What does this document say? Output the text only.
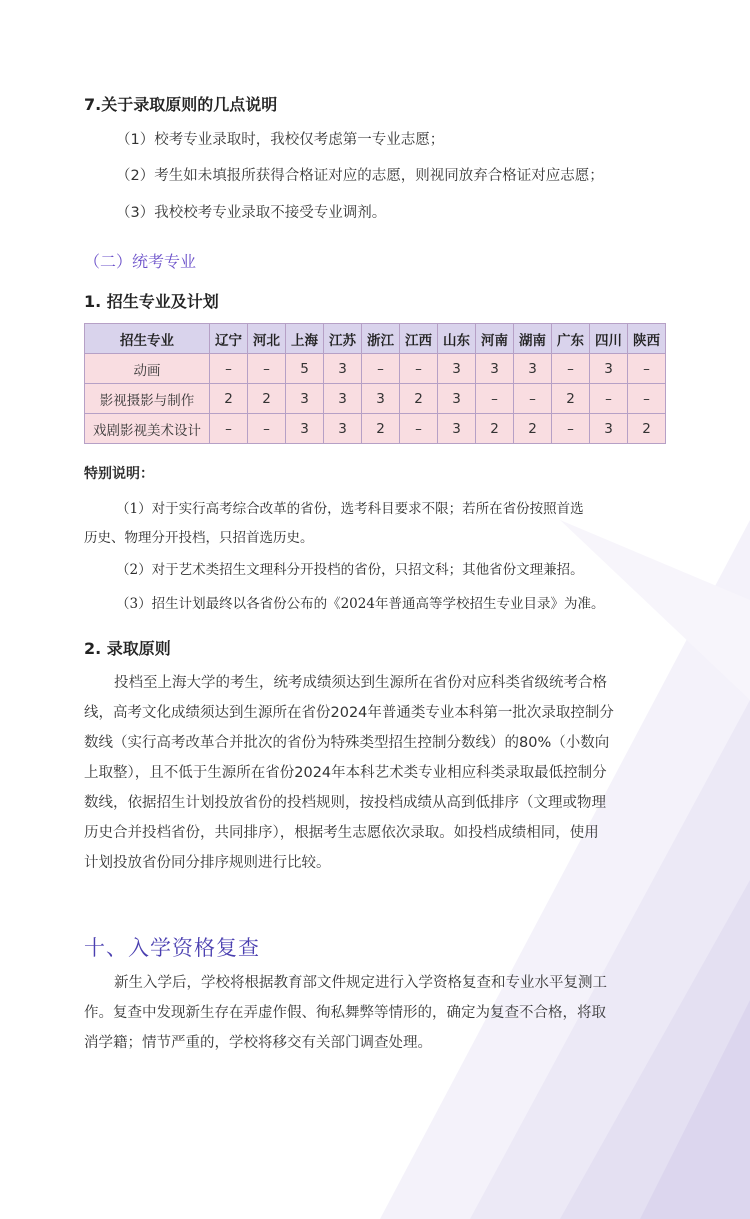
7.关于录取原则的几点说明
（1）校考专业录取时，我校仅考虑第一专业志愿；
（2）考生如未填报所获得合格证对应的志愿，则视同放弃合格证对应志愿；
（3）我校校考专业录取不接受专业调剂。
（二）统考专业
1. 招生专业及计划
招生专业	辽宁	河北	上海	江苏	浙江	江西	山东	河南	湖南	广东	四川	陕西
动画	–	–	5	3	–	–	3	3	3	–	3	–
影视摄影与制作	2	2	3	3	3	2	3	–	–	2	–	–
戏剧影视美术设计	–	–	3	3	2	–	3	2	2	–	3	2
特别说明：
（1）对于实行高考综合改革的省份，选考科目要求不限；若所在省份按照首选
历史、物理分开投档，只招首选历史。
（2）对于艺术类招生文理科分开投档的省份，只招文科；其他省份文理兼招。
（3）招生计划最终以各省份公布的《2024年普通高等学校招生专业目录》为准。
2. 录取原则
投档至上海大学的考生，统考成绩须达到生源所在省份对应科类省级统考合格
线，高考文化成绩须达到生源所在省份2024年普通类专业本科第一批次录取控制分
数线（实行高考改革合并批次的省份为特殊类型招生控制分数线）的80%（小数向
上取整），且不低于生源所在省份2024年本科艺术类专业相应科类录取最低控制分
数线，依据招生计划投放省份的投档规则，按投档成绩从高到低排序（文理或物理
历史合并投档省份，共同排序），根据考生志愿依次录取。如投档成绩相同，使用
计划投放省份同分排序规则进行比较。
十、入学资格复查
新生入学后，学校将根据教育部文件规定进行入学资格复查和专业水平复测工
作。复查中发现新生存在弄虚作假、徇私舞弊等情形的，确定为复查不合格，将取
消学籍；情节严重的，学校将移交有关部门调查处理。
